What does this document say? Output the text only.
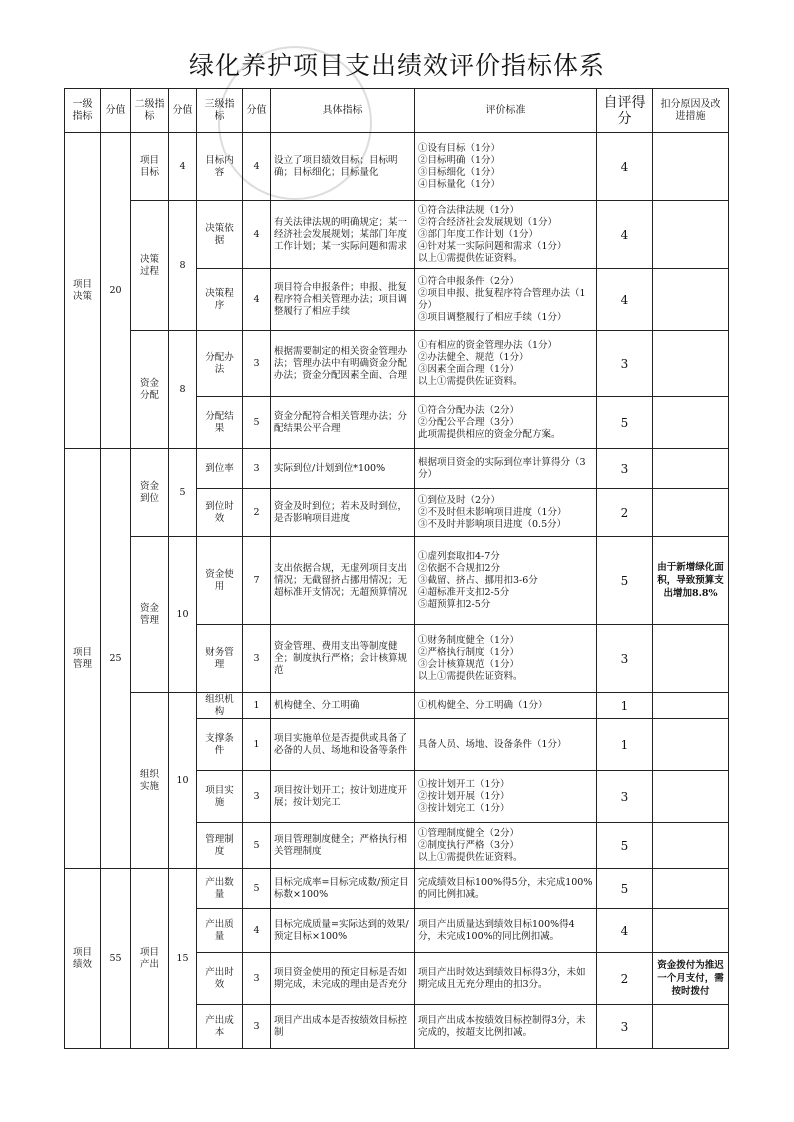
绿化养护项目支出绩效评价指标体系
一级指标	分值	二级指标	分值	三级指标	分值	具体指标	评价标准	自评得分	扣分原因及改进措施
项目决策	20	项目目标	4	目标内容	4	设立了项目绩效目标；目标明确；目标细化；目标量化	①设有目标（1分）
②目标明确（1分）
③目标细化（1分）
④目标量化（1分）	4	
		决策过程	8	决策依据	4	有关法律法规的明确规定；某一经济社会发展规划；某部门年度工作计划；某一实际问题和需求	①符合法律法规（1分）
②符合经济社会发展规划（1分）
③部门年度工作计划（1分）
④针对某一实际问题和需求（1分）
以上①需提供佐证资料。	4	
				决策程序	4	项目符合申报条件；申报、批复程序符合相关管理办法；项目调整履行了相应手续	①符合申报条件（2分）
②项目申报、批复程序符合管理办法（1分）
③项目调整履行了相应手续（1分）	4	
		资金分配	8	分配办法	3	根据需要制定的相关资金管理办法；管理办法中有明确资金分配办法；资金分配因素全面、合理	①有相应的资金管理办法（1分）
②办法健全、规范（1分）
③因素全面合理（1分）
以上①需提供佐证资料。	3	
				分配结果	5	资金分配符合相关管理办法；分配结果公平合理	①符合分配办法（2分）
②分配公平合理（3分）
此项需提供相应的资金分配方案。	5	
项目管理	25	资金到位	5	到位率	3	实际到位/计划到位*100%	根据项目资金的实际到位率计算得分（3分）	3	
				到位时效	2	资金及时到位；若未及时到位，是否影响项目进度	①到位及时（2分）
②不及时但未影响项目进度（1分）
③不及时并影响项目进度（0.5分）	2	
		资金管理	10	资金使用	7	支出依据合规，无虚列项目支出情况；无截留挤占挪用情况；无超标准开支情况；无超预算情况	①虚列套取扣4-7分
②依据不合规扣2分
③截留、挤占、挪用扣3-6分
④超标准开支扣2-5分
⑤超预算扣2-5分	5	由于新增绿化面积，导致预算支出增加8.8%
				财务管理	3	资金管理、费用支出等制度健全；制度执行严格；会计核算规范	①财务制度健全（1分）
②严格执行制度（1分）
③会计核算规范（1分）
以上①需提供佐证资料。	3	
		组织实施	10	组织机构	1	机构健全、分工明确	①机构健全、分工明确（1分）	1	
				支撑条件	1	项目实施单位是否提供或具备了必备的人员、场地和设备等条件	具备人员、场地、设备条件（1分）	1	
				项目实施	3	项目按计划开工；按计划进度开展；按计划完工	①按计划开工（1分）
②按计划开展（1分）
③按计划完工（1分）	3	
				管理制度	5	项目管理制度健全；严格执行相关管理制度	①管理制度健全（2分）
②制度执行严格（3分）
以上①需提供佐证资料。	5	
项目绩效	55	项目产出	15	产出数量	5	目标完成率=目标完成数/预定目标数×100%	完成绩效目标100%得5分，未完成100%的同比例扣减。	5	
				产出质量	4	目标完成质量=实际达到的效果/预定目标×100%	项目产出质量达到绩效目标100%得4分，未完成100%的同比例扣减。	4	
				产出时效	3	项目资金使用的预定目标是否如期完成，未完成的理由是否充分	项目产出时效达到绩效目标得3分，未如期完成且无充分理由的扣3分。	2	资金拨付为推迟一个月支付，需按时拨付
				产出成本	3	项目产出成本是否按绩效目标控制	项目产出成本按绩效目标控制得3分，未完成的，按超支比例扣减。	3	
